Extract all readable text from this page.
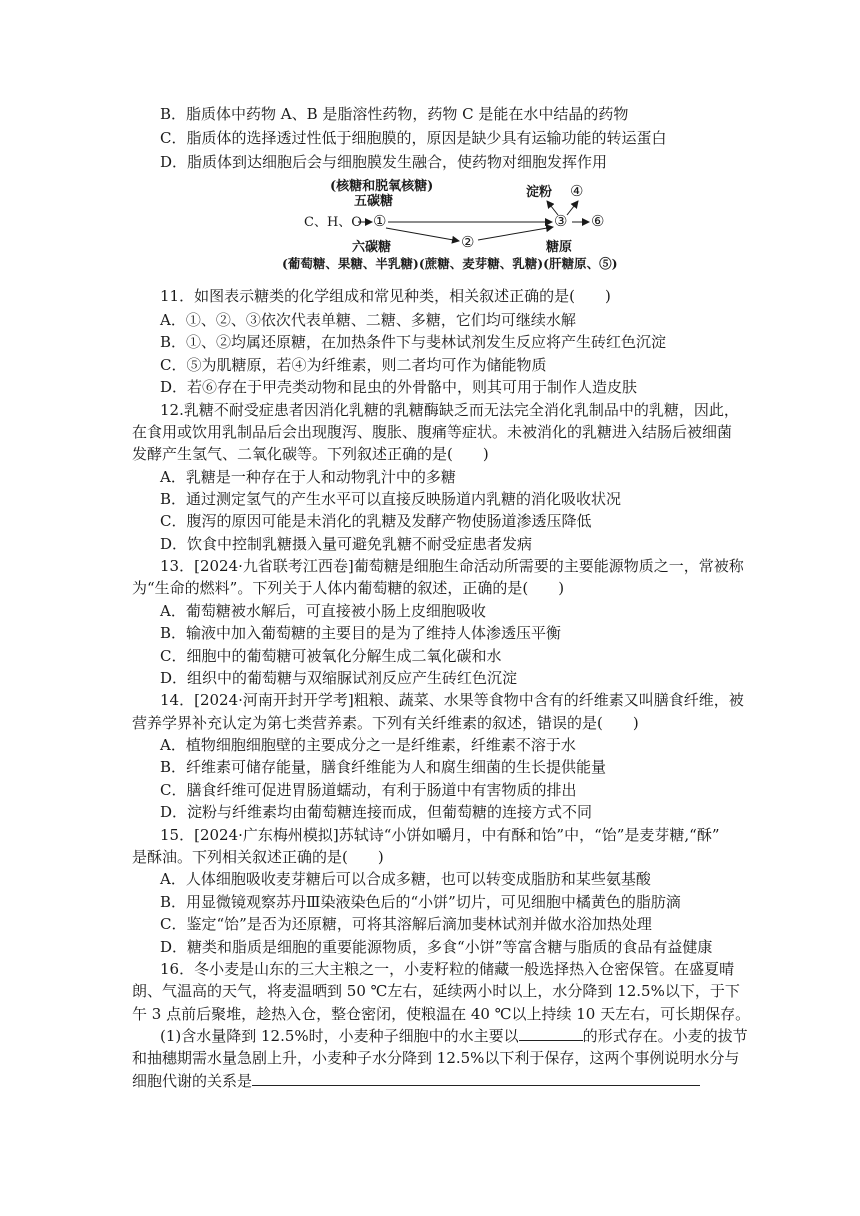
B．脂质体中药物 A、B 是脂溶性药物，药物 C 是能在水中结晶的药物
C．脂质体的选择透过性低于细胞膜的，原因是缺少具有运输功能的转运蛋白
D．脂质体到达细胞后会与细胞膜发生融合，使药物对细胞发挥作用
(核糖和脱氧核糖)
五碳糖
C、H、O ①
②
③
淀粉 ④
⑥
六碳糖	糖原
(葡萄糖、果糖、半乳糖)(蔗糖、麦芽糖、乳糖)(肝糖原、⑤)
11．如图表示糖类的化学组成和常见种类，相关叙述正确的是(　　)
A．①、②、③依次代表单糖、二糖、多糖，它们均可继续水解
B．①、②均属还原糖，在加热条件下与斐林试剂发生反应将产生砖红色沉淀
C．⑤为肌糖原，若④为纤维素，则二者均可作为储能物质
D．若⑥存在于甲壳类动物和昆虫的外骨骼中，则其可用于制作人造皮肤
12.乳糖不耐受症患者因消化乳糖的乳糖酶缺乏而无法完全消化乳制品中的乳糖，因此，
在食用或饮用乳制品后会出现腹泻、腹胀、腹痛等症状。未被消化的乳糖进入结肠后被细菌
发酵产生氢气、二氧化碳等。下列叙述正确的是(　　)
A．乳糖是一种存在于人和动物乳汁中的多糖
B．通过测定氢气的产生水平可以直接反映肠道内乳糖的消化吸收状况
C．腹泻的原因可能是未消化的乳糖及发酵产物使肠道渗透压降低
D．饮食中控制乳糖摄入量可避免乳糖不耐受症患者发病
13．[2024·九省联考江西卷]葡萄糖是细胞生命活动所需要的主要能源物质之一，常被称
为“生命的燃料”。下列关于人体内葡萄糖的叙述，正确的是(　　)
A．葡萄糖被水解后，可直接被小肠上皮细胞吸收
B．输液中加入葡萄糖的主要目的是为了维持人体渗透压平衡
C．细胞中的葡萄糖可被氧化分解生成二氧化碳和水
D．组织中的葡萄糖与双缩脲试剂反应产生砖红色沉淀
14．[2024·河南开封开学考]粗粮、蔬菜、水果等食物中含有的纤维素又叫膳食纤维，被
营养学界补充认定为第七类营养素。下列有关纤维素的叙述，错误的是(　　)
A．植物细胞细胞壁的主要成分之一是纤维素，纤维素不溶于水
B．纤维素可储存能量，膳食纤维能为人和腐生细菌的生长提供能量
C．膳食纤维可促进胃肠道蠕动，有利于肠道中有害物质的排出
D．淀粉与纤维素均由葡萄糖连接而成，但葡萄糖的连接方式不同
15．[2024·广东梅州模拟]苏轼诗“小饼如嚼月，中有酥和饴”中，“饴”是麦芽糖,“酥”
是酥油。下列相关叙述正确的是(　　)
A．人体细胞吸收麦芽糖后可以合成多糖，也可以转变成脂肪和某些氨基酸
B．用显微镜观察苏丹Ⅲ染液染色后的“小饼”切片，可见细胞中橘黄色的脂肪滴
C．鉴定“饴”是否为还原糖，可将其溶解后滴加斐林试剂并做水浴加热处理
D．糖类和脂质是细胞的重要能源物质，多食“小饼”等富含糖与脂质的食品有益健康
16．冬小麦是山东的三大主粮之一，小麦籽粒的储藏一般选择热入仓密保管。在盛夏晴
朗、气温高的天气，将麦温晒到 50 ℃左右，延续两小时以上，水分降到 12.5%以下，于下
午 3 点前后聚堆，趁热入仓，整仓密闭，使粮温在 40 ℃以上持续 10 天左右，可长期保存。
(1)含水量降到 12.5%时，小麦种子细胞中的水主要以	的形式存在。小麦的拔节
和抽穗期需水量急剧上升，小麦种子水分降到 12.5%以下利于保存，这两个事例说明水分与
细胞代谢的关系是
